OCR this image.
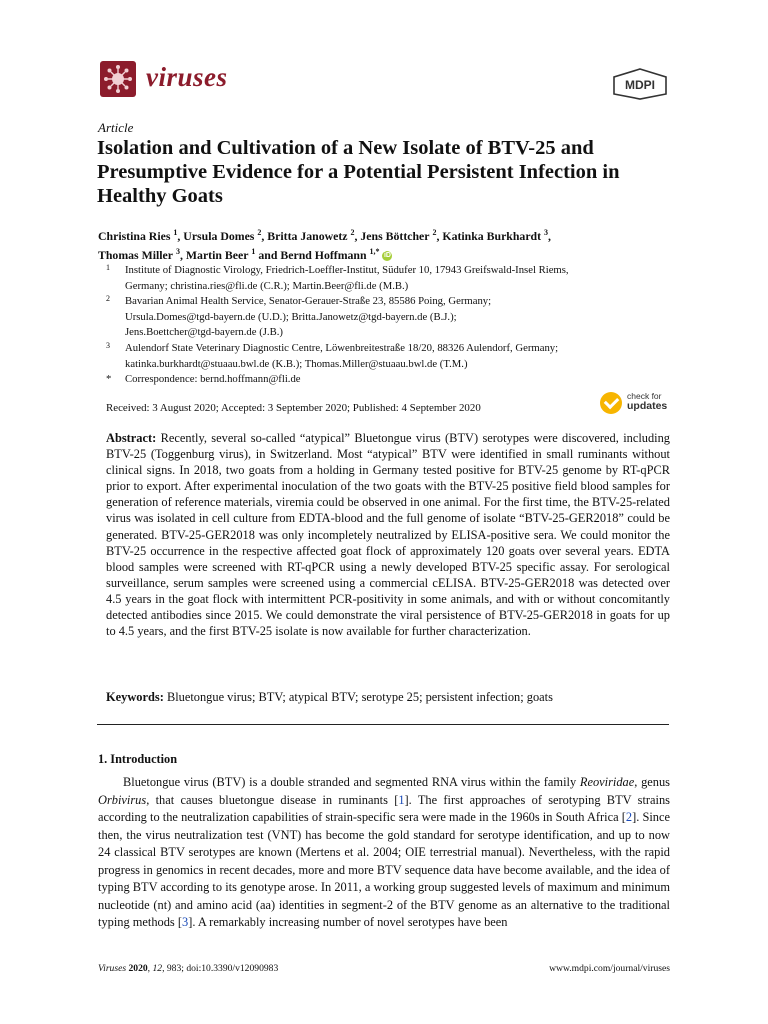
viruses	MDPI
Article
Isolation and Cultivation of a New Isolate of BTV-25 and Presumptive Evidence for a Potential Persistent Infection in Healthy Goats
Christina Ries $^1$, Ursula Domes $^2$, Britta Janowetz $^2$, Jens Böttcher $^2$, Katinka Burkhardt $^3$,
Thomas Miller $^3$, Martin Beer $^1$ and Bernd Hoffmann $^{1,*}$ iD
1 Institute of Diagnostic Virology, Friedrich-Loeffler-Institut, Südufer 10, 17943 Greifswald-Insel Riems,
Germany; christina.ries@fli.de (C.R.); Martin.Beer@fli.de (M.B.)
2 Bavarian Animal Health Service, Senator-Gerauer-Straße 23, 85586 Poing, Germany;
Ursula.Domes@tgd-bayern.de (U.D.); Britta.Janowetz@tgd-bayern.de (B.J.);
Jens.Boettcher@tgd-bayern.de (J.B.)
3 Aulendorf State Veterinary Diagnostic Centre, Löwenbreitestraße 18/20, 88326 Aulendorf, Germany;
katinka.burkhardt@stuaau.bwl.de (K.B.); Thomas.Miller@stuaau.bwl.de (T.M.)
* Correspondence: bernd.hoffmann@fli.de
Received: 3 August 2020; Accepted: 3 September 2020; Published: 4 September 2020
check for
updates
Abstract: Recently, several so-called “atypical” Bluetongue virus (BTV) serotypes were discovered, including BTV-25 (Toggenburg virus), in Switzerland. Most “atypical” BTV were identified in small ruminants without clinical signs. In 2018, two goats from a holding in Germany tested positive for BTV-25 genome by RT-qPCR prior to export. After experimental inoculation of the two goats with the BTV-25 positive field blood samples for generation of reference materials, viremia could be observed in one animal. For the first time, the BTV-25-related virus was isolated in cell culture from EDTA-blood and the full genome of isolate “BTV-25-GER2018” could be generated. BTV-25-GER2018 was only incompletely neutralized by ELISA-positive sera. We could monitor the BTV-25 occurrence in the respective affected goat flock of approximately 120 goats over several years. EDTA blood samples were screened with RT-qPCR using a newly developed BTV-25 specific assay. For serological surveillance, serum samples were screened using a commercial cELISA. BTV-25-GER2018 was detected over 4.5 years in the goat flock with intermittent PCR-positivity in some animals, and with or without concomitantly detected antibodies since 2015. We could demonstrate the viral persistence of BTV-25-GER2018 in goats for up to 4.5 years, and the first BTV-25 isolate is now available for further characterization.
Keywords: Bluetongue virus; BTV; atypical BTV; serotype 25; persistent infection; goats
1. Introduction
Bluetongue virus (BTV) is a double stranded and segmented RNA virus within the family Reoviridae, genus Orbivirus, that causes bluetongue disease in ruminants [1]. The first approaches of serotyping BTV strains according to the neutralization capabilities of strain-specific sera were made in the 1960s in South Africa [2]. Since then, the virus neutralization test (VNT) has become the gold standard for serotype identification, and up to now 24 classical BTV serotypes are known (Mertens et al. 2004; OIE terrestrial manual). Nevertheless, with the rapid progress in genomics in recent decades, more and more BTV sequence data have become available, and the idea of typing BTV according to its genotype arose. In 2011, a working group suggested levels of maximum and minimum nucleotide (nt) and amino acid (aa) identities in segment-2 of the BTV genome as an alternative to the traditional typing methods [3]. A remarkably increasing number of novel serotypes have been
Viruses 2020, 12, 983; doi:10.3390/v12090983	www.mdpi.com/journal/viruses
